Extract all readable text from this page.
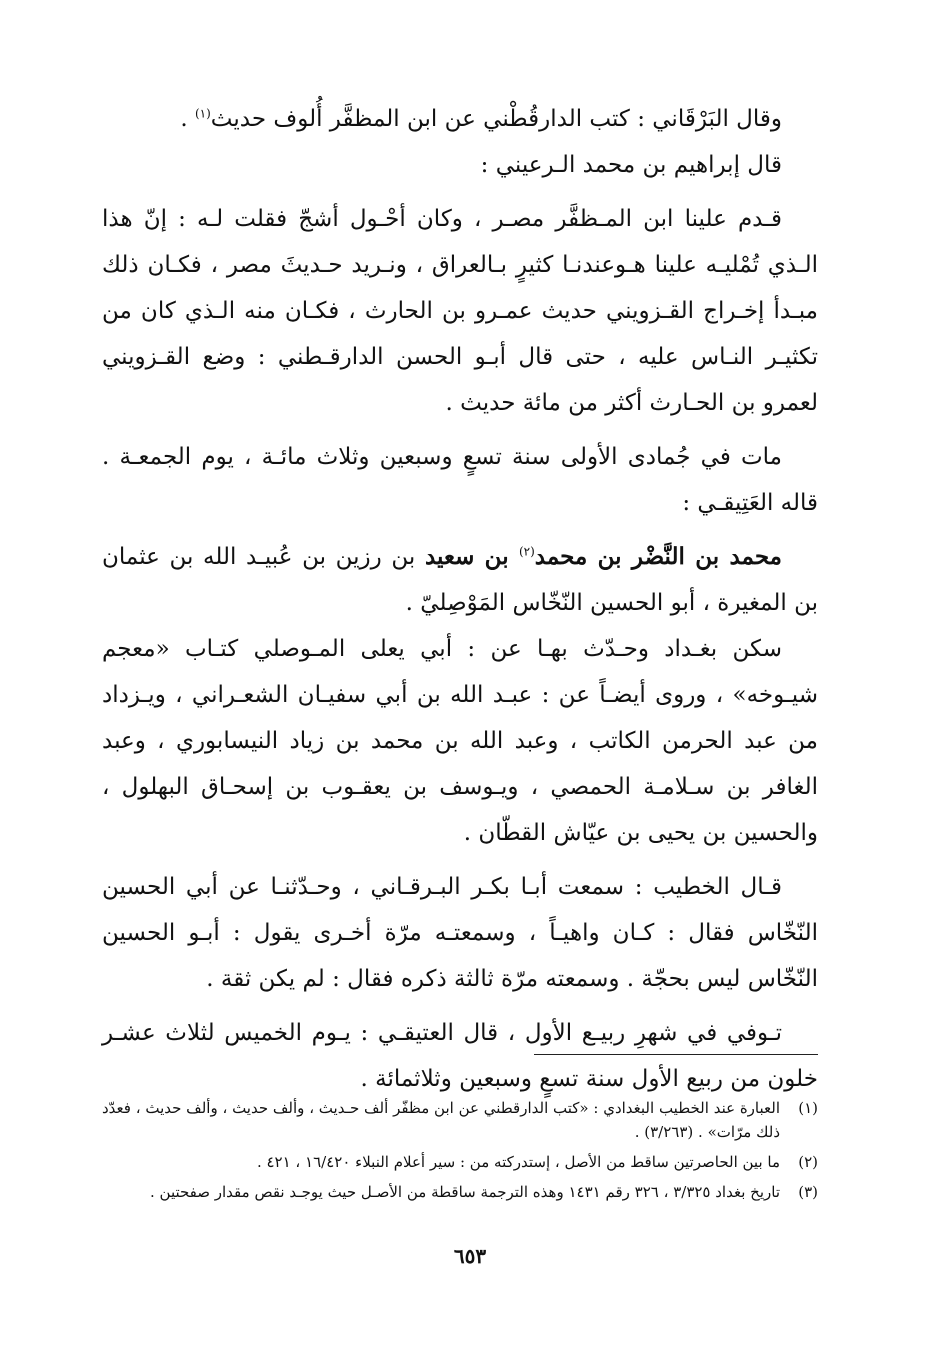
وقال البَرْقَاني : كتب الدارقُطْني عن ابن المظفَّر أُلوف حديث$^{(١)}$ .

قال إبراهيم بن محمد الـرعيني :

قـدم علينا ابن المـظفَّر مصـر ، وكان أحْـول أشجّ فقلت لـه : إنّ هذا الـذي تُمْليـه علينا هـوعندنـا كثيرٍ بـالعراق ، ونـريد حـديثَ مصر ، فكـان ذلك مبـدأ إخـراج القـزويني حديث عمـرو بن الحارث ، فكـان منه الـذي كان من تكثيـر النـاس عليه ، حتى قال أبـو الحسن الدارقـطني : وضع القـزويني لعمرو بن الحـارث أكثر من مائة حديث .

مات في جُمادى الأولى سنة تسعٍ وسبعين وثلاث مائـة ، يوم الجمعـة . قاله العَتِيقـي :

محمد بن النَّضْر بن محمد$^{(٢)}$ بن سعيد بن رزين بن عُبيـد الله بن عثمان بن المغيرة ، أبو الحسين النّخّاس المَوْصِليّ .

سكن بغـداد وحـدّث بهـا عن : أبي يعلى المـوصلي كتـاب «معجم شيـوخه» ، وروى أيضـاً عن : عبـد الله بن أبي سفيـان الشعـراني ، ويـزداد من عبد الحرمن الكاتب ، وعبد الله بن محمد بن زياد النيسابوري ، وعبد الغافر بن سـلامـة الحمصي ، ويـوسف بن يعقـوب بن إسحـاق البهلول ، والحسين بن يحيى بن عيّاش القطّان .

قـال الخطيب : سمعت أبـا بكـر البـرقـاني ، وحـدّثنـا عن أبي الحسين النّخّاس فقال : كـان واهيـاً ، وسمعتـه مرّة أخـرى يقول : أبـو الحسين النّخّاس ليس بحجّة . وسمعته مرّة ثالثة ذكره فقال : لم يكن ثقة .

تـوفي في شهرِ ربيـع الأول ، قال العتيقـي : يـوم الخميس لثلاث عشـر خلون من ربيع الأول سنة تسعٍ وسبعين وثلاثمائة .

(١)
العبارة عند الخطيب البغدادي : «كتب الدارقطني عن ابن مظفّر ألف حـديث ، وألف حديث ، وألف حديث ، فعدّد ذلك مرّات» . (٣/٢٦٣) .
(٢)
ما بين الحاصرتين ساقط من الأصل ، إستدركته من : سير أعلام النبلاء ١٦/٤٢٠ ، ٤٢١ .
(٣)
تاريخ بغداد ٣/٣٢٥ ، ٣٢٦ رقم ١٤٣١ وهذه الترجمة ساقطة من الأصـل حيث يوجـد نقص مقدار صفحتين .
٦٥٣
